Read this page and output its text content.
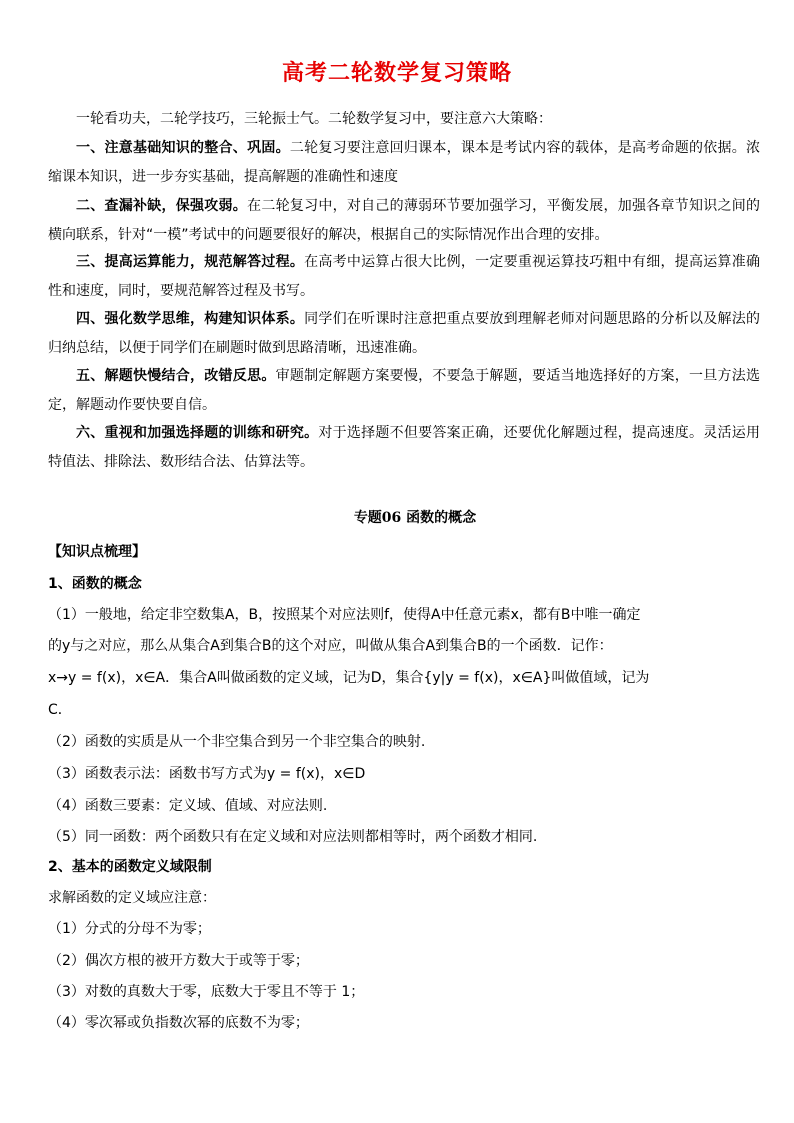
高考二轮数学复习策略
一轮看功夫，二轮学技巧，三轮振士气。二轮数学复习中，要注意六大策略：
一、注意基础知识的整合、巩固。二轮复习要注意回归课本，课本是考试内容的载体，是高考命题的依据。浓缩课本知识，进一步夯实基础，提高解题的准确性和速度
二、查漏补缺，保强攻弱。在二轮复习中，对自己的薄弱环节要加强学习，平衡发展，加强各章节知识之间的横向联系，针对“一模”考试中的问题要很好的解决，根据自己的实际情况作出合理的安排。
三、提高运算能力，规范解答过程。在高考中运算占很大比例，一定要重视运算技巧粗中有细，提高运算准确性和速度，同时，要规范解答过程及书写。
四、强化数学思维，构建知识体系。同学们在听课时注意把重点要放到理解老师对问题思路的分析以及解法的归纳总结，以便于同学们在刷题时做到思路清晰，迅速准确。
五、解题快慢结合，改错反思。审题制定解题方案要慢，不要急于解题，要适当地选择好的方案，一旦方法选定，解题动作要快要自信。
六、重视和加强选择题的训练和研究。对于选择题不但要答案正确，还要优化解题过程，提高速度。灵活运用特值法、排除法、数形结合法、估算法等。
专题06 函数的概念
【知识点梳理】
1、函数的概念
（1）一般地，给定非空数集A，B，按照某个对应法则f，使得A中任意元素x，都有B中唯一确定
的y与之对应，那么从集合A到集合B的这个对应，叫做从集合A到集合B的一个函数．记作：
x→y = f(x)，x∈A．集合A叫做函数的定义域，记为D，集合{y|y = f(x)，x∈A}叫做值域，记为
C．
（2）函数的实质是从一个非空集合到另一个非空集合的映射.
（3）函数表示法：函数书写方式为y = f(x)，x∈D
（4）函数三要素：定义域、值域、对应法则.
（5）同一函数：两个函数只有在定义域和对应法则都相等时，两个函数才相同.
2、基本的函数定义域限制
求解函数的定义域应注意：
（1）分式的分母不为零；
（2）偶次方根的被开方数大于或等于零；
（3）对数的真数大于零，底数大于零且不等于 1；
（4）零次幂或负指数次幂的底数不为零；
